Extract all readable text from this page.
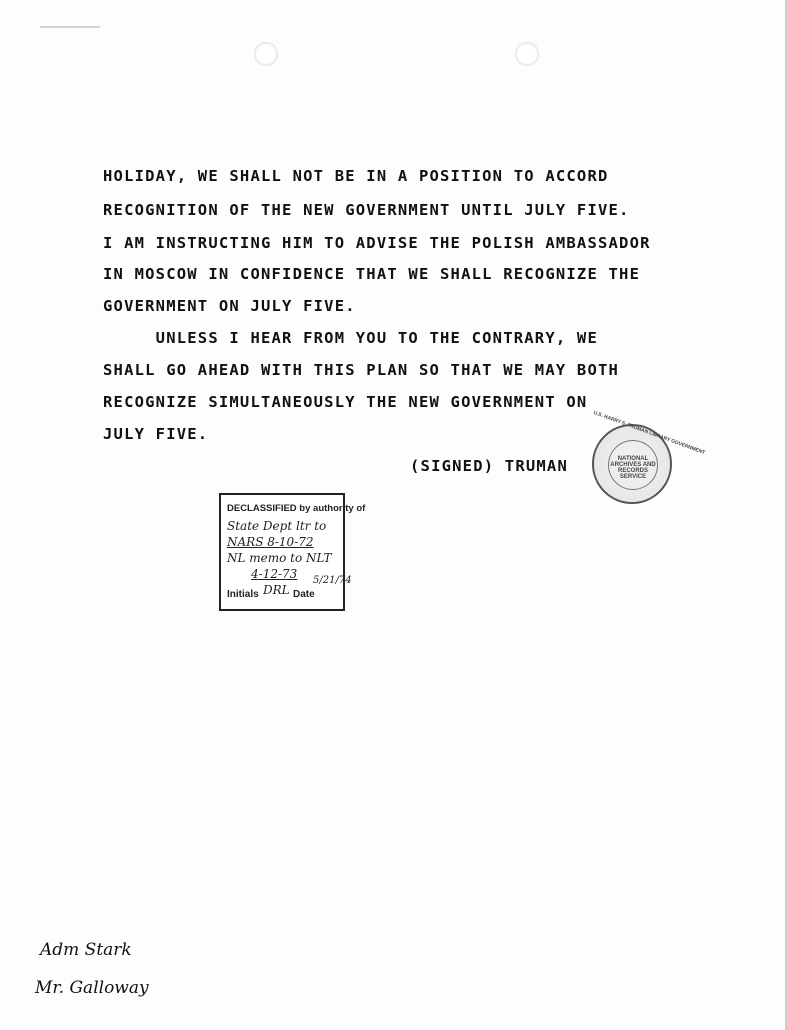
HOLIDAY, WE SHALL NOT BE IN A POSITION TO ACCORD

RECOGNITION OF THE NEW GOVERNMENT UNTIL JULY FIVE.

I AM INSTRUCTING HIM TO ADVISE THE POLISH AMBASSADOR

IN MOSCOW IN CONFIDENCE THAT WE SHALL RECOGNIZE THE

GOVERNMENT ON JULY FIVE.

UNLESS I HEAR FROM YOU TO THE CONTRARY, WE

SHALL GO AHEAD WITH THIS PLAN SO THAT WE MAY BOTH

RECOGNIZE SIMULTANEOUSLY THE NEW GOVERNMENT ON

JULY FIVE.

(SIGNED) TRUMAN

U.S. HARRY S. TRUMAN LIBRARY GOVERNMENT
NATIONAL ARCHIVES AND RECORDS SERVICE
DECLASSIFIED by authority of
State Dept ltr to
NARS 8-10-72
NL memo to NLT
4-12-73
Initials DRL Date
5/21/74
Adm Stark
Mr. Galloway
